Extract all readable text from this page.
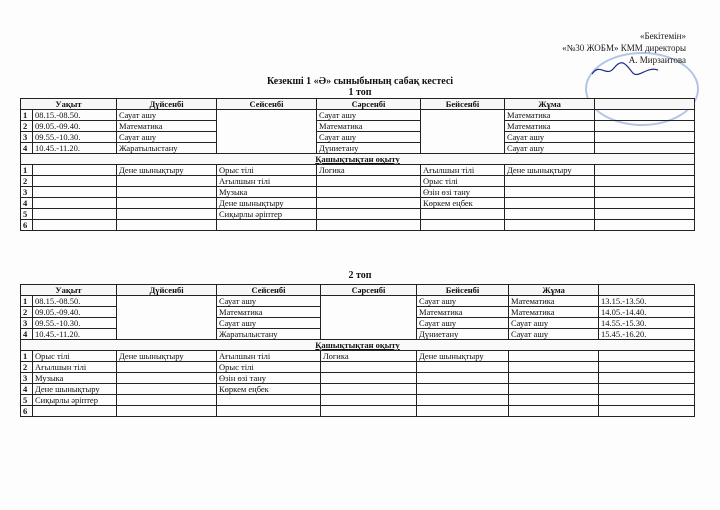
«Бекітемін»
«№30 ЖОБМ» КММ директоры
А. Мирзаитова
Кезекші 1 «Ә» сыныбының сабақ кестесі
1 топ
Уақыт		Дүйсенбі	Сейсенбі	Сәрсенбі	Бейсенбі	Жұма	
1	08.15.-08.50.	Сауат ашу		Сауат ашу		Математика	
2	09.05.-09.40.	Математика		Математика		Математика	
3	09.55.-10.30.	Сауат ашу		Сауат ашу		Сауат ашу	
4	10.45.-11.20.	Жаратылыстану		Дүниетану		Сауат ашу	
Қашықтықтан оқыту							
1		Дене шынықтыру	Орыс тілі	Логика	Ағылшын тілі	Дене шынықтыру	
2			Ағылшын тілі		Орыс тілі		
3			Музыка		Өзін өзі тану		
4			Дене шынықтыру		Көркем еңбек		
5			Сиқырлы әріптер				
6							
2 топ
Уақыт		Дүйсенбі	Сейсенбі	Сәрсенбі	Бейсенбі	Жұма	
1	08.15.-08.50.		Сауат ашу		Сауат ашу	Математика	13.15.-13.50.
2	09.05.-09.40.		Математика		Математика	Математика	14.05.-14.40.
3	09.55.-10.30.		Сауат ашу		Сауат ашу	Сауат ашу	14.55.-15.30.
4	10.45.-11.20.		Жаратылыстану		Дүниетану	Сауат ашу	15.45.-16.20.
Қашықтықтан оқыту							
1	Орыс тілі	Дене шынықтыру	Ағылшын тілі	Логика	Дене шынықтыру		
2	Ағылшын тілі		Орыс тілі				
3	Музыка		Өзін өзі тану				
4	Дене шынықтыру		Көркем еңбек				
5	Сиқырлы әріптер						
6							
